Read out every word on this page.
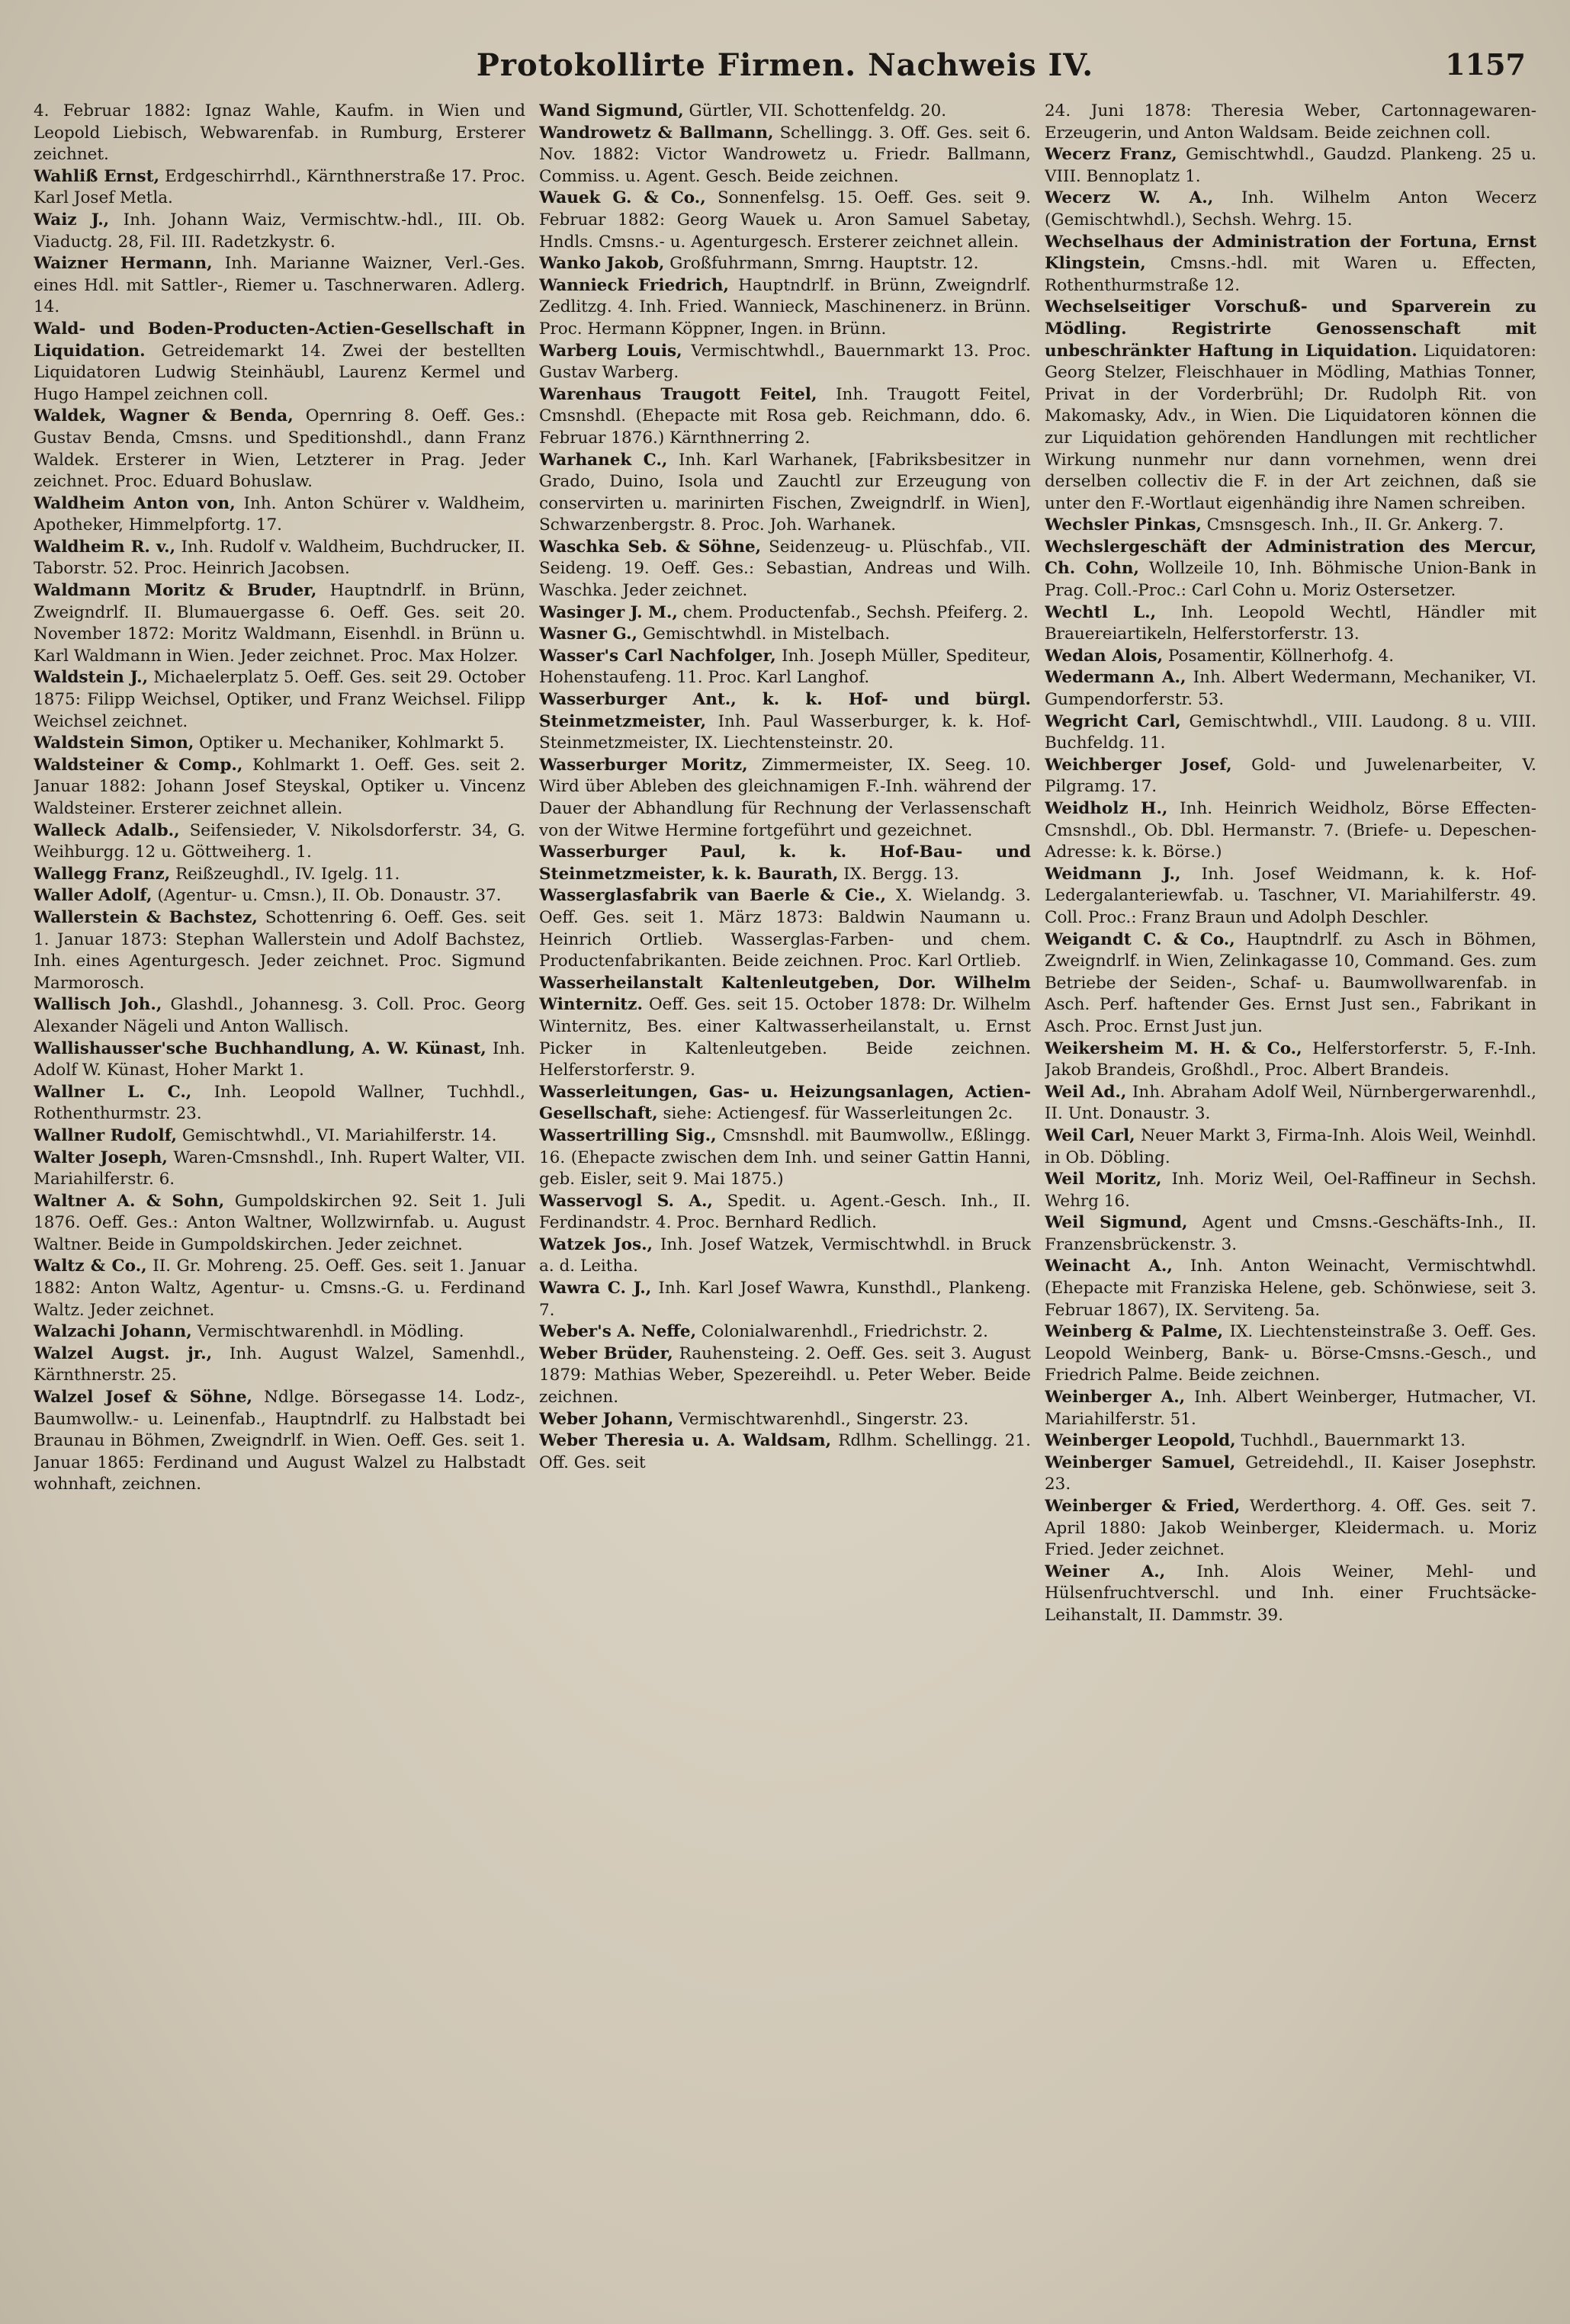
Protokollirte Firmen. Nachweis IV.	1157

4. Februar 1882: Ignaz Wahle, Kaufm. in Wien und Leopold Liebisch, Webwarenfab. in Rumburg, Ersterer zeichnet.

Wahliß Ernst, Erdgeschirrhdl., Kärnthnerstraße 17. Proc. Karl Josef Metla.

Waiz J., Inh. Johann Waiz, Vermischtw.-hdl., III. Ob. Viaductg. 28, Fil. III. Radetzkystr. 6.

Waizner Hermann, Inh. Marianne Waizner, Verl.-Ges. eines Hdl. mit Sattler-, Riemer u. Taschnerwaren. Adlerg. 14.

Wald- und Boden-Producten-Actien-Gesellschaft in Liquidation. Getreidemarkt 14. Zwei der bestellten Liquidatoren Ludwig Steinhäubl, Laurenz Kermel und Hugo Hampel zeichnen coll.

Waldek, Wagner & Benda, Opernring 8. Oeff. Ges.: Gustav Benda, Cmsns. und Speditionshdl., dann Franz Waldek. Ersterer in Wien, Letzterer in Prag. Jeder zeichnet. Proc. Eduard Bohuslaw.

Waldheim Anton von, Inh. Anton Schürer v. Waldheim, Apotheker, Himmelpfortg. 17.

Waldheim R. v., Inh. Rudolf v. Waldheim, Buchdrucker, II. Taborstr. 52. Proc. Heinrich Jacobsen.

Waldmann Moritz & Bruder, Hauptndrlf. in Brünn, Zweigndrlf. II. Blumauergasse 6. Oeff. Ges. seit 20. November 1872: Moritz Waldmann, Eisenhdl. in Brünn u. Karl Waldmann in Wien. Jeder zeichnet. Proc. Max Holzer.

Waldstein J., Michaelerplatz 5. Oeff. Ges. seit 29. October 1875: Filipp Weichsel, Optiker, und Franz Weichsel. Filipp Weichsel zeichnet.

Waldstein Simon, Optiker u. Mechaniker, Kohlmarkt 5.

Waldsteiner & Comp., Kohlmarkt 1. Oeff. Ges. seit 2. Januar 1882: Johann Josef Steyskal, Optiker u. Vincenz Waldsteiner. Ersterer zeichnet allein.

Walleck Adalb., Seifensieder, V. Nikolsdorferstr. 34, G. Weihburgg. 12 u. Göttweiherg. 1.

Wallegg Franz, Reißzeughdl., IV. Igelg. 11.

Waller Adolf, (Agentur- u. Cmsn.), II. Ob. Donaustr. 37.

Wallerstein & Bachstez, Schottenring 6. Oeff. Ges. seit 1. Januar 1873: Stephan Wallerstein und Adolf Bachstez, Inh. eines Agenturgesch. Jeder zeichnet. Proc. Sigmund Marmorosch.

Wallisch Joh., Glashdl., Johannesg. 3. Coll. Proc. Georg Alexander Nägeli und Anton Wallisch.

Wallishausser'sche Buchhandlung, A. W. Künast, Inh. Adolf W. Künast, Hoher Markt 1.

Wallner L. C., Inh. Leopold Wallner, Tuchhdl., Rothenthurmstr. 23.

Wallner Rudolf, Gemischtwhdl., VI. Mariahilferstr. 14.

Walter Joseph, Waren-Cmsnshdl., Inh. Rupert Walter, VII. Mariahilferstr. 6.

Waltner A. & Sohn, Gumpoldskirchen 92. Seit 1. Juli 1876. Oeff. Ges.: Anton Waltner, Wollzwirnfab. u. August Waltner. Beide in Gumpoldskirchen. Jeder zeichnet.

Waltz & Co., II. Gr. Mohreng. 25. Oeff. Ges. seit 1. Januar 1882: Anton Waltz, Agentur- u. Cmsns.-G. u. Ferdinand Waltz. Jeder zeichnet.

Walzachi Johann, Vermischtwarenhdl. in Mödling.

Walzel Augst. jr., Inh. August Walzel, Samenhdl., Kärnthnerstr. 25.

Walzel Josef & Söhne, Ndlge. Börsegasse 14. Lodz-, Baumwollw.- u. Leinenfab., Hauptndrlf. zu Halbstadt bei Braunau in Böhmen, Zweigndrlf. in Wien. Oeff. Ges. seit 1. Januar 1865: Ferdinand und August Walzel zu Halbstadt wohnhaft, zeichnen.

Wand Sigmund, Gürtler, VII. Schottenfeldg. 20.

Wandrowetz & Ballmann, Schellingg. 3. Off. Ges. seit 6. Nov. 1882: Victor Wandrowetz u. Friedr. Ballmann, Commiss. u. Agent. Gesch. Beide zeichnen.

Wauek G. & Co., Sonnenfelsg. 15. Oeff. Ges. seit 9. Februar 1882: Georg Wauek u. Aron Samuel Sabetay, Hndls. Cmsns.- u. Agenturgesch. Ersterer zeichnet allein.

Wanko Jakob, Großfuhrmann, Smrng. Hauptstr. 12.

Wannieck Friedrich, Hauptndrlf. in Brünn, Zweigndrlf. Zedlitzg. 4. Inh. Fried. Wannieck, Maschinenerz. in Brünn. Proc. Hermann Köppner, Ingen. in Brünn.

Warberg Louis, Vermischtwhdl., Bauernmarkt 13. Proc. Gustav Warberg.

Warenhaus Traugott Feitel, Inh. Traugott Feitel, Cmsnshdl. (Ehepacte mit Rosa geb. Reichmann, ddo. 6. Februar 1876.) Kärnthnerring 2.

Warhanek C., Inh. Karl Warhanek, [Fabriksbesitzer in Grado, Duino, Isola und Zauchtl zur Erzeugung von conservirten u. marinirten Fischen, Zweigndrlf. in Wien], Schwarzenbergstr. 8. Proc. Joh. Warhanek.

Waschka Seb. & Söhne, Seidenzeug- u. Plüschfab., VII. Seideng. 19. Oeff. Ges.: Sebastian, Andreas und Wilh. Waschka. Jeder zeichnet.

Wasinger J. M., chem. Productenfab., Sechsh. Pfeiferg. 2.

Wasner G., Gemischtwhdl. in Mistelbach.

Wasser's Carl Nachfolger, Inh. Joseph Müller, Spediteur, Hohenstaufeng. 11. Proc. Karl Langhof.

Wasserburger Ant., k. k. Hof- und bürgl. Steinmetzmeister, Inh. Paul Wasserburger, k. k. Hof-Steinmetzmeister, IX. Liechtensteinstr. 20.

Wasserburger Moritz, Zimmermeister, IX. Seeg. 10. Wird über Ableben des gleichnamigen F.-Inh. während der Dauer der Abhandlung für Rechnung der Verlassenschaft von der Witwe Hermine fortgeführt und gezeichnet.

Wasserburger Paul, k. k. Hof-Bau- und Steinmetzmeister, k. k. Baurath, IX. Bergg. 13.

Wasserglasfabrik van Baerle & Cie., X. Wielandg. 3. Oeff. Ges. seit 1. März 1873: Baldwin Naumann u. Heinrich Ortlieb. Wasserglas-Farben- und chem. Productenfabrikanten. Beide zeichnen. Proc. Karl Ortlieb.

Wasserheilanstalt Kaltenleutgeben, Dor. Wilhelm Winternitz. Oeff. Ges. seit 15. October 1878: Dr. Wilhelm Winternitz, Bes. einer Kaltwasserheilanstalt, u. Ernst Picker in Kaltenleutgeben. Beide zeichnen. Helferstorferstr. 9.

Wasserleitungen, Gas- u. Heizungsanlagen, Actien-Gesellschaft, siehe: Actiengesf. für Wasserleitungen 2c.

Wassertrilling Sig., Cmsnshdl. mit Baumwollw., Eßlingg. 16. (Ehepacte zwischen dem Inh. und seiner Gattin Hanni, geb. Eisler, seit 9. Mai 1875.)

Wasservogl S. A., Spedit. u. Agent.-Gesch. Inh., II. Ferdinandstr. 4. Proc. Bernhard Redlich.

Watzek Jos., Inh. Josef Watzek, Vermischtwhdl. in Bruck a. d. Leitha.

Wawra C. J., Inh. Karl Josef Wawra, Kunsthdl., Plankeng. 7.

Weber's A. Neffe, Colonialwarenhdl., Friedrichstr. 2.

Weber Brüder, Rauhensteing. 2. Oeff. Ges. seit 3. August 1879: Mathias Weber, Spezereihdl. u. Peter Weber. Beide zeichnen.

Weber Johann, Vermischtwarenhdl., Singerstr. 23.

Weber Theresia u. A. Waldsam, Rdlhm. Schellingg. 21. Off. Ges. seit

24. Juni 1878: Theresia Weber, Cartonnagewaren-Erzeugerin, und Anton Waldsam. Beide zeichnen coll.

Wecerz Franz, Gemischtwhdl., Gaudzd. Plankeng. 25 u. VIII. Bennoplatz 1.

Wecerz W. A., Inh. Wilhelm Anton Wecerz (Gemischtwhdl.), Sechsh. Wehrg. 15.

Wechselhaus der Administration der Fortuna, Ernst Klingstein, Cmsns.-hdl. mit Waren u. Effecten, Rothenthurmstraße 12.

Wechselseitiger Vorschuß- und Sparverein zu Mödling. Registrirte Genossenschaft mit unbeschränkter Haftung in Liquidation. Liquidatoren: Georg Stelzer, Fleischhauer in Mödling, Mathias Tonner, Privat in der Vorderbrühl; Dr. Rudolph Rit. von Makomasky, Adv., in Wien. Die Liquidatoren können die zur Liquidation gehörenden Handlungen mit rechtlicher Wirkung nunmehr nur dann vornehmen, wenn drei derselben collectiv die F. in der Art zeichnen, daß sie unter den F.-Wortlaut eigenhändig ihre Namen schreiben.

Wechsler Pinkas, Cmsnsgesch. Inh., II. Gr. Ankerg. 7.

Wechslergeschäft der Administration des Mercur, Ch. Cohn, Wollzeile 10, Inh. Böhmische Union-Bank in Prag. Coll.-Proc.: Carl Cohn u. Moriz Ostersetzer.

Wechtl L., Inh. Leopold Wechtl, Händler mit Brauereiartikeln, Helferstorferstr. 13.

Wedan Alois, Posamentir, Köllnerhofg. 4.

Wedermann A., Inh. Albert Wedermann, Mechaniker, VI. Gumpendorferstr. 53.

Wegricht Carl, Gemischtwhdl., VIII. Laudong. 8 u. VIII. Buchfeldg. 11.

Weichberger Josef, Gold- und Juwelenarbeiter, V. Pilgramg. 17.

Weidholz H., Inh. Heinrich Weidholz, Börse Effecten-Cmsnshdl., Ob. Dbl. Hermanstr. 7. (Briefe- u. Depeschen-Adresse: k. k. Börse.)

Weidmann J., Inh. Josef Weidmann, k. k. Hof-Ledergalanteriewfab. u. Taschner, VI. Mariahilferstr. 49. Coll. Proc.: Franz Braun und Adolph Deschler.

Weigandt C. & Co., Hauptndrlf. zu Asch in Böhmen, Zweigndrlf. in Wien, Zelinkagasse 10, Command. Ges. zum Betriebe der Seiden-, Schaf- u. Baumwollwarenfab. in Asch. Perf. haftender Ges. Ernst Just sen., Fabrikant in Asch. Proc. Ernst Just jun.

Weikersheim M. H. & Co., Helferstorferstr. 5, F.-Inh. Jakob Brandeis, Großhdl., Proc. Albert Brandeis.

Weil Ad., Inh. Abraham Adolf Weil, Nürnbergerwarenhdl., II. Unt. Donaustr. 3.

Weil Carl, Neuer Markt 3, Firma-Inh. Alois Weil, Weinhdl. in Ob. Döbling.

Weil Moritz, Inh. Moriz Weil, Oel-Raffineur in Sechsh. Wehrg 16.

Weil Sigmund, Agent und Cmsns.-Geschäfts-Inh., II. Franzensbrückenstr. 3.

Weinacht A., Inh. Anton Weinacht, Vermischtwhdl. (Ehepacte mit Franziska Helene, geb. Schönwiese, seit 3. Februar 1867), IX. Serviteng. 5a.

Weinberg & Palme, IX. Liechtensteinstraße 3. Oeff. Ges. Leopold Weinberg, Bank- u. Börse-Cmsns.-Gesch., und Friedrich Palme. Beide zeichnen.

Weinberger A., Inh. Albert Weinberger, Hutmacher, VI. Mariahilferstr. 51.

Weinberger Leopold, Tuchhdl., Bauernmarkt 13.

Weinberger Samuel, Getreidehdl., II. Kaiser Josephstr. 23.

Weinberger & Fried, Werderthorg. 4. Off. Ges. seit 7. April 1880: Jakob Weinberger, Kleidermach. u. Moriz Fried. Jeder zeichnet.

Weiner A., Inh. Alois Weiner, Mehl- und Hülsenfruchtverschl. und Inh. einer Fruchtsäcke-Leihanstalt, II. Dammstr. 39.
